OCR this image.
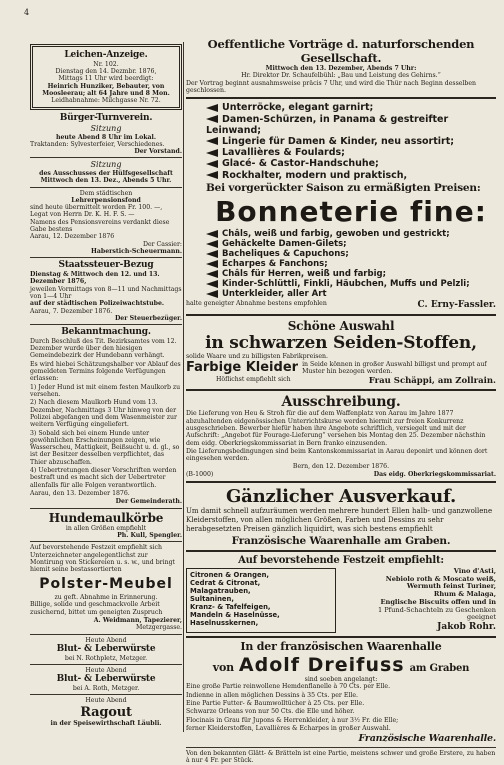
4
Leichen-Anzeige.
Nr. 102.
Dienstag den 14. Dezmbr. 1876,
Mittags 11 Uhr wird beerdigt:
Heinrich Hunziker, Bebauter, von Moosleerau; alt 64 Jahre und 8 Mon.
Leidhabnahme: Milchgasse Nr. 72.
Bürger-Turnverein.
Sitzung
heute Abend 8 Uhr im Lokal.
Traktanden: Sylvesterfeier, Verschiedenes.
Der Vorstand.
Sitzung
des Ausschusses der Hülfsgesellschaft
Mittwoch den 13. Dez., Abends 5 Uhr.
Dem städtischen
Lehrerpensionsfond
sind heute übermittelt worden Fr. 100. —,
Legat von Herrn Dr. K. H. F. S. —
Namens des Pensionsvereins verdankt diese
Gabe bestens
Aarau, 12. Dezember 1876
Der Cassier:
Haberstich-Scheuermann.
Staatssteuer-Bezug
Dienstag & Mittwoch den 12. und 13. Dezember 1876,
jeweilen Vormittags von 8—11 und Nachmittags von 1—4 Uhr
auf der städtischen Polizeiwachtstube.
Aarau, 7. Dezember 1876.
Der Steuerbezüger.
Bekanntmachung.

Durch Beschluß des Tit. Bezirksamtes vom 12. Dezember wurde über den hiesigen Gemeindebezirk der Hundebann verhängt.

Es wird hiebei Schätzungshalber vor Ablauf des gemeldeten Termins folgende Verfügungen erlassen:

1) Jeder Hund ist mit einem festen Maulkorb zu versehen.

2) Nach diesem Maulkorb Hund vom 13. Dezember, Nachmittags 3 Uhr hinweg von der Polizei abgefangen und dem Wasenmeister zur weitern Verfügung eingeliefert.

3) Sobald sich bei einem Hunde unter gewöhnlichen Erscheinungen zeigen, wie Wasserscheu, Mattigkeit, Beißsucht u. d. gl., so ist der Besitzer desselben verpflichtet, das Thier abzuschaffen.

4) Uebertretungen dieser Vorschriften werden bestraft und es macht sich der Uebertreter allenfalls für alle Folgen verantwortlich.

Aarau, den 13. Dezember 1876.

Der Gemeinderath.
Hundemaulkörbe
in allen Größen empfiehlt
Ph. Kull, Spengler.

Auf bevorstehende Festzeit empfiehlt sich Unterzeichneter angelegentlichst zur Montirung von Stickereien u. s. w., und bringt hiemit seine bestassortierten

Polster-Meubel
zu geft. Abnahme in Erinnerung.

Billige, solide und geschmackvolle Arbeit zusichernd, bittet um geneigten Zuspruch

A. Weidmann, Tapezierer,
Metzgergasse.
Heute Abend
Blut- & Leberwürste
bei N. Rothpletz, Metzger.
Heute Abend
Blut- & Leberwürste
bei A. Roth, Metzger.
Heute Abend
Ragout
in der Speisewirthschaft Läubli.
Oeffentliche Vorträge d. naturforschenden Gesellschaft.
Mittwoch den 13. Dezember, Abends 7 Uhr:
Hr. Direktor Dr. Schaufelbühl: „Bau und Leistung des Gehirns.“

Der Vortrag beginnt ausnahmsweise präcis 7 Uhr, und wird die Thür nach Beginn desselben geschlossen.

Unterröcke, elegant garnirt;
Damen-Schürzen, in Panama & gestreifter Leinwand;
Lingerie für Damen & Kinder, neu assortirt;
Lavallières & Foulards;
Glacé- & Castor-Handschuhe;
Rockhalter, modern und praktisch,
Bei vorgerückter Saison zu ermäßigten Preisen:
Bonneterie fine:
Châls, weiß und farbig, gewoben und gestrickt;
Gehäckelte Damen-Gilets;
Bacheliques & Capuchons;
Echarpes & Fanchons;
Châls für Herren, weiß und farbig;
Kinder-Schlüttli, Finkli, Häubchen, Muffs und Pelzli;
Unterkleider, aller Art
halte geneigter Abnahme bestens empfohlen	C. Erny-Fassler.
Schöne Auswahl
in schwarzen Seiden-Stoffen,
solide Waare und zu billigsten Fabrikpreisen.
Farbige Kleider in Seide können in großer Auswahl billigst und prompt auf Muster hin bezogen werden.
Höflichst empfiehlt sich	Frau Schäppi, am Zollrain.
Ausschreibung.

Die Lieferung von Heu & Stroh für die auf dem Waffenplatz von Aarau im Jahre 1877 abzuhaltenden eidgenössischen Unterrichtskurse werden hiermit zur freien Konkurrenz ausgeschrieben. Bewerber hiefür haben ihre Angebote schriftlich, versiegelt und mit der Aufschrift: „Angebot für Fourage-Lieferung“ versehen bis Montag den 25. Dezember nächsthin dem eidg. Oberkriegskommissariat in Bern franko einzusenden.

Die Lieferungsbedingungen sind beim Kantonskommissariat in Aarau deponirt und können dort eingesehen werden.

Bern, den 12. Dezember 1876.
(B-1000)	Das eidg. Oberkriegskommissariat.
Gänzlicher Ausverkauf.

Um damit schnell aufzuräumen werden mehrere hundert Ellen halb- und ganzwollene Kleiderstoffen, von allen möglichen Größen, Farben und Dessins zu sehr herabgesetzten Preisen gänzlich liquidirt, was sich bestens empfiehlt

Französische Waarenhalle am Graben.
Auf bevorstehende Festzeit empfiehlt:
Citronen & Orangen,
Cedrat & Citronat,
Malagatrauben,
Sultaninen,
Kranz- & Tafelfeigen,
Mandeln & Haselnüsse,
Haselnusskernen,
Vino d'Asti,
Nebiolo roth & Moscato weiß,
Wermuth feinst Turiner,
Rhum & Malaga,
Englische Biscuits offen und in
1 Pfund-Schachteln zu Geschenken
geeignet
Jakob Rohr.
In der französischen Waarenhalle
von Adolf Dreifuss am Graben
sind soeben angelangt:

Eine große Partie reinwollene Hemdenflanelle à 70 Cts. per Elle.

Indienne in allen möglichen Dessins à 35 Cts. per Elle.

Eine Partie Futter- & Baumwolltücher à 25 Cts. per Elle.

Schwarze Orleans von nur 50 Cts. die Elle und höher.

Flocinais in Grau für Jupons & Herrenkleider, à nur 3½ Fr. die Elle;

ferner Kleiderstoffen, Lavallières & Echarpes in großer Auswahl.

Französische Waarenhalle.

Von den bekannten Glätt- & Brätteln ist eine Partie, meistens schwer und große Erstere, zu haben à nur 4 Fr. per Stück.
